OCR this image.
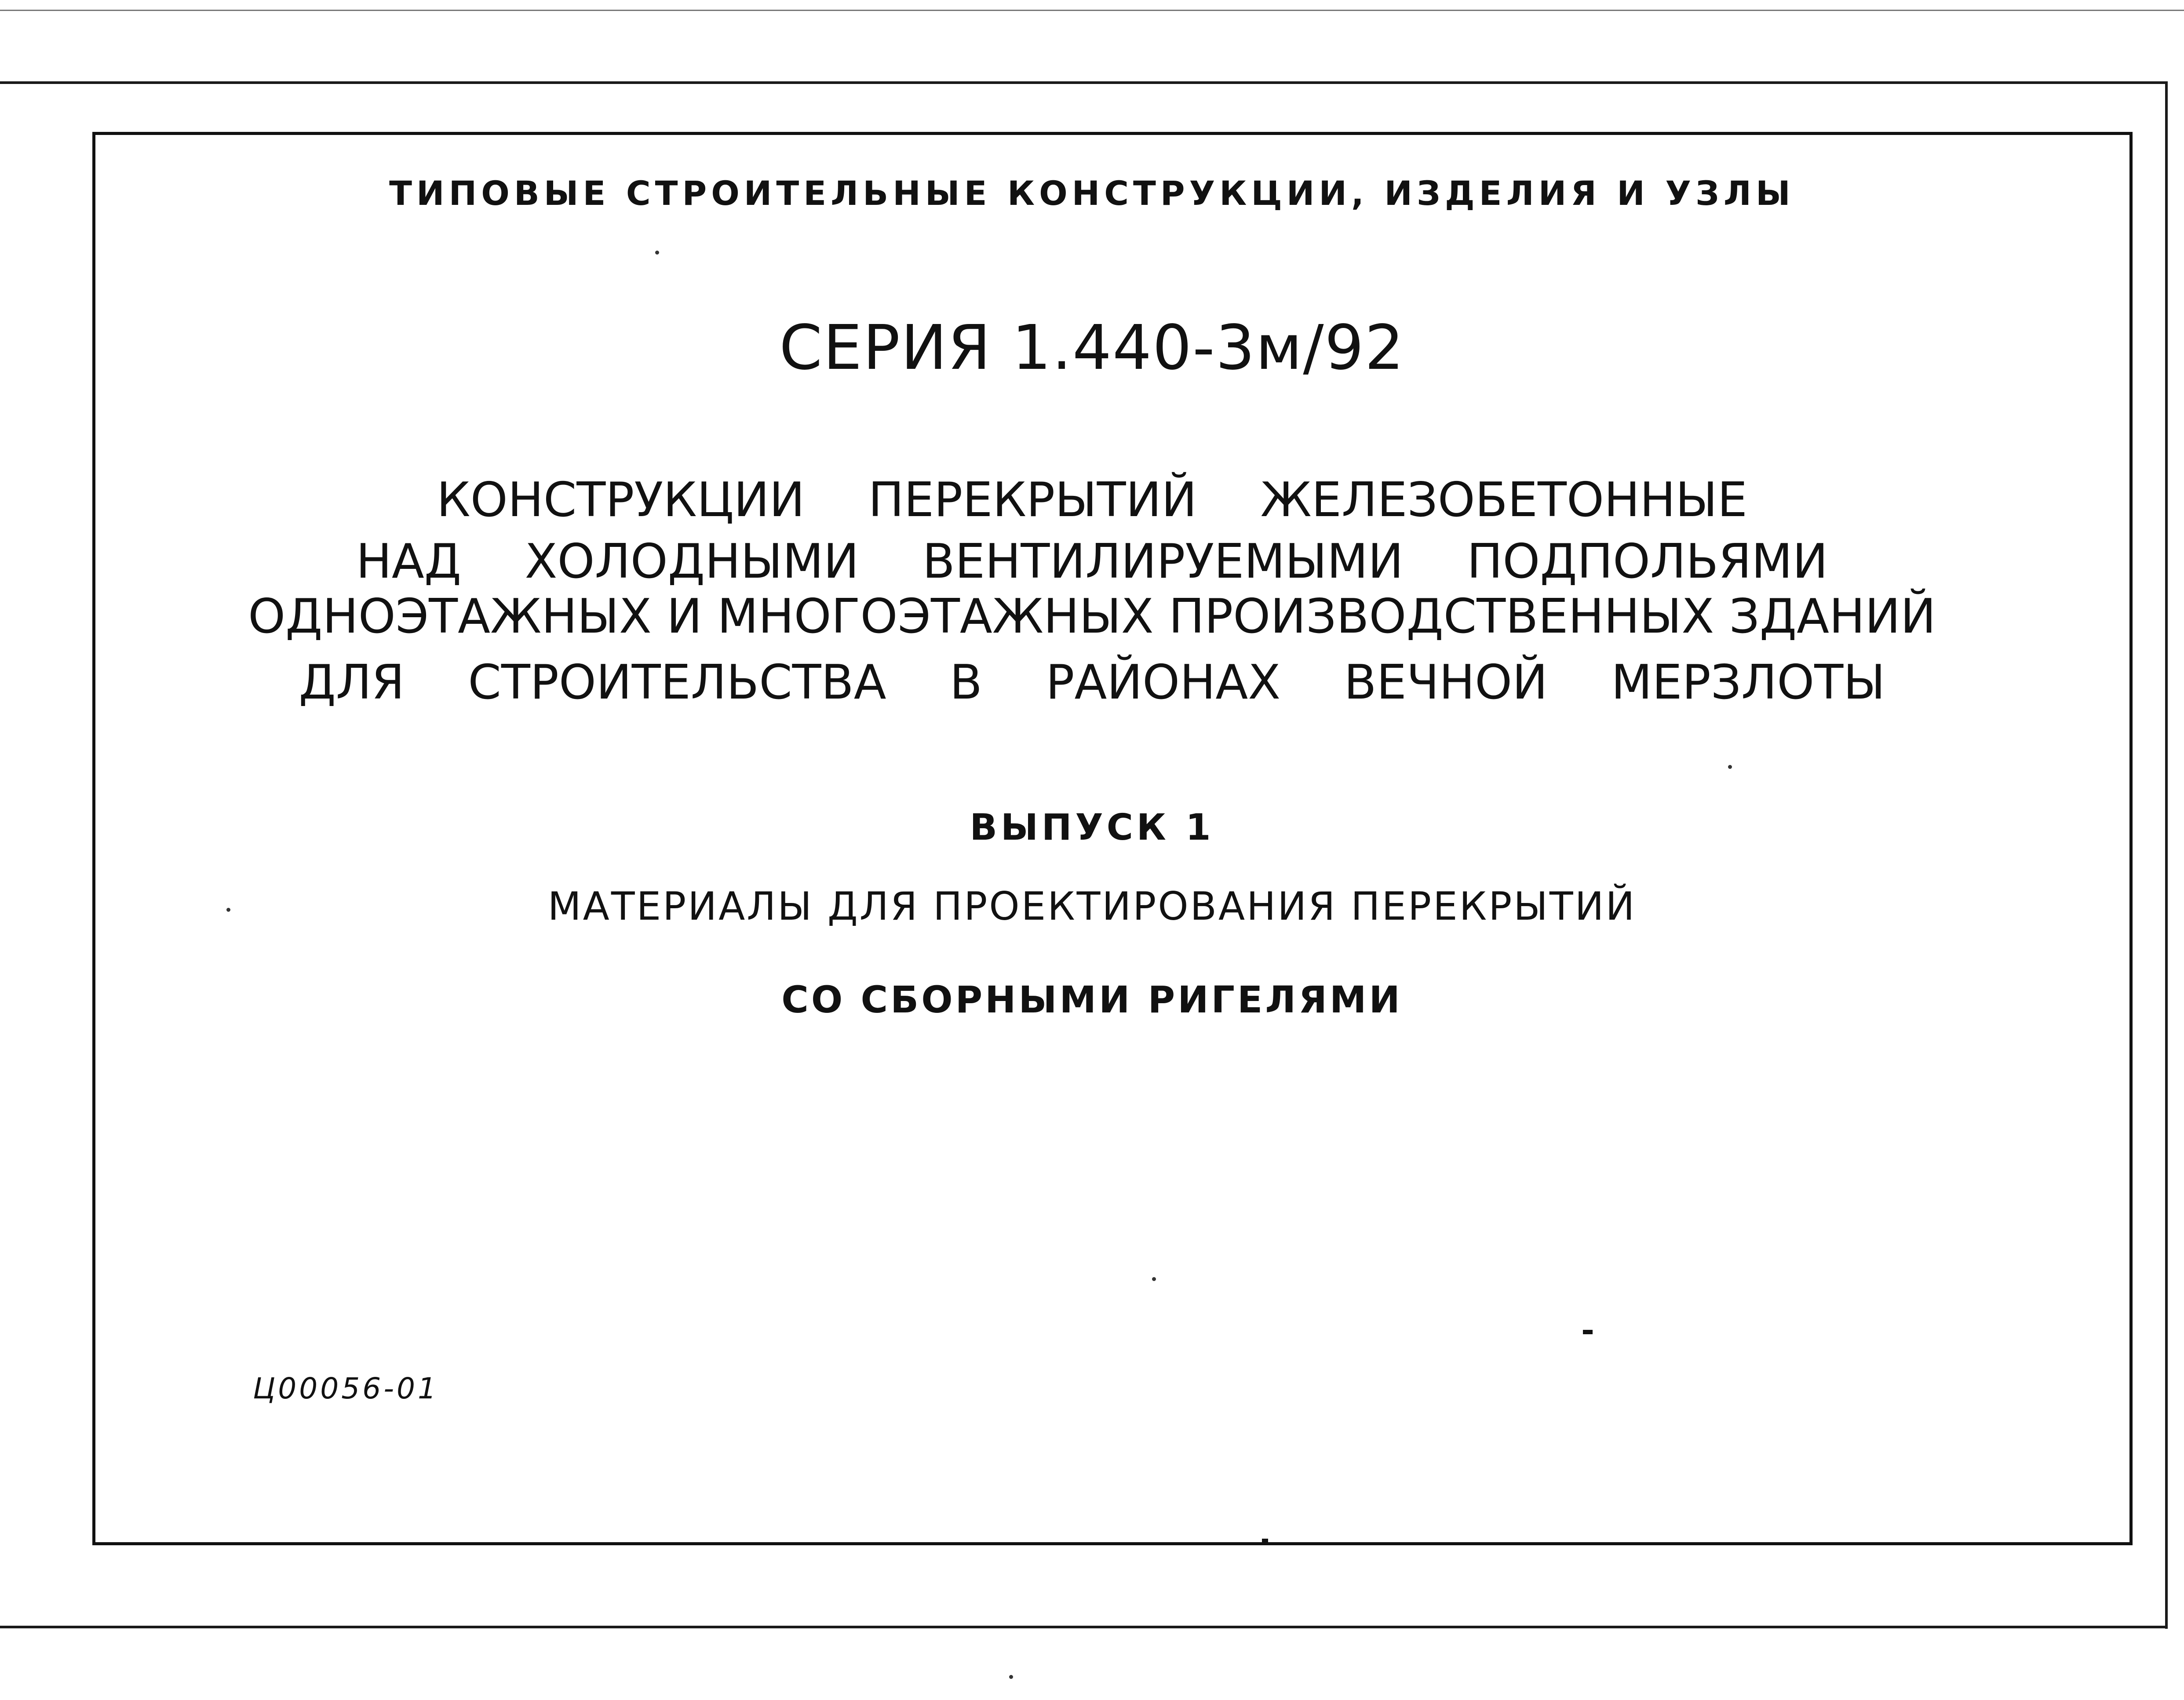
ТИПОВЫЕ СТРОИТЕЛЬНЫЕ КОНСТРУКЦИИ, ИЗДЕЛИЯ И УЗЛЫ
СЕРИЯ 1.440-3м/92
КОНСТРУКЦИИ ПЕРЕКРЫТИЙ ЖЕЛЕЗОБЕТОННЫЕ
НАД ХОЛОДНЫМИ ВЕНТИЛИРУЕМЫМИ ПОДПОЛЬЯМИ
ОДНОЭТАЖНЫХ И МНОГОЭТАЖНЫХ ПРОИЗВОДСТВЕННЫХ ЗДАНИЙ
ДЛЯ СТРОИТЕЛЬСТВА В РАЙОНАХ ВЕЧНОЙ МЕРЗЛОТЫ
ВЫПУСК 1
МАТЕРИАЛЫ ДЛЯ ПРОЕКТИРОВАНИЯ ПЕРЕКРЫТИЙ
СО СБОРНЫМИ РИГЕЛЯМИ
Ц00056-01
